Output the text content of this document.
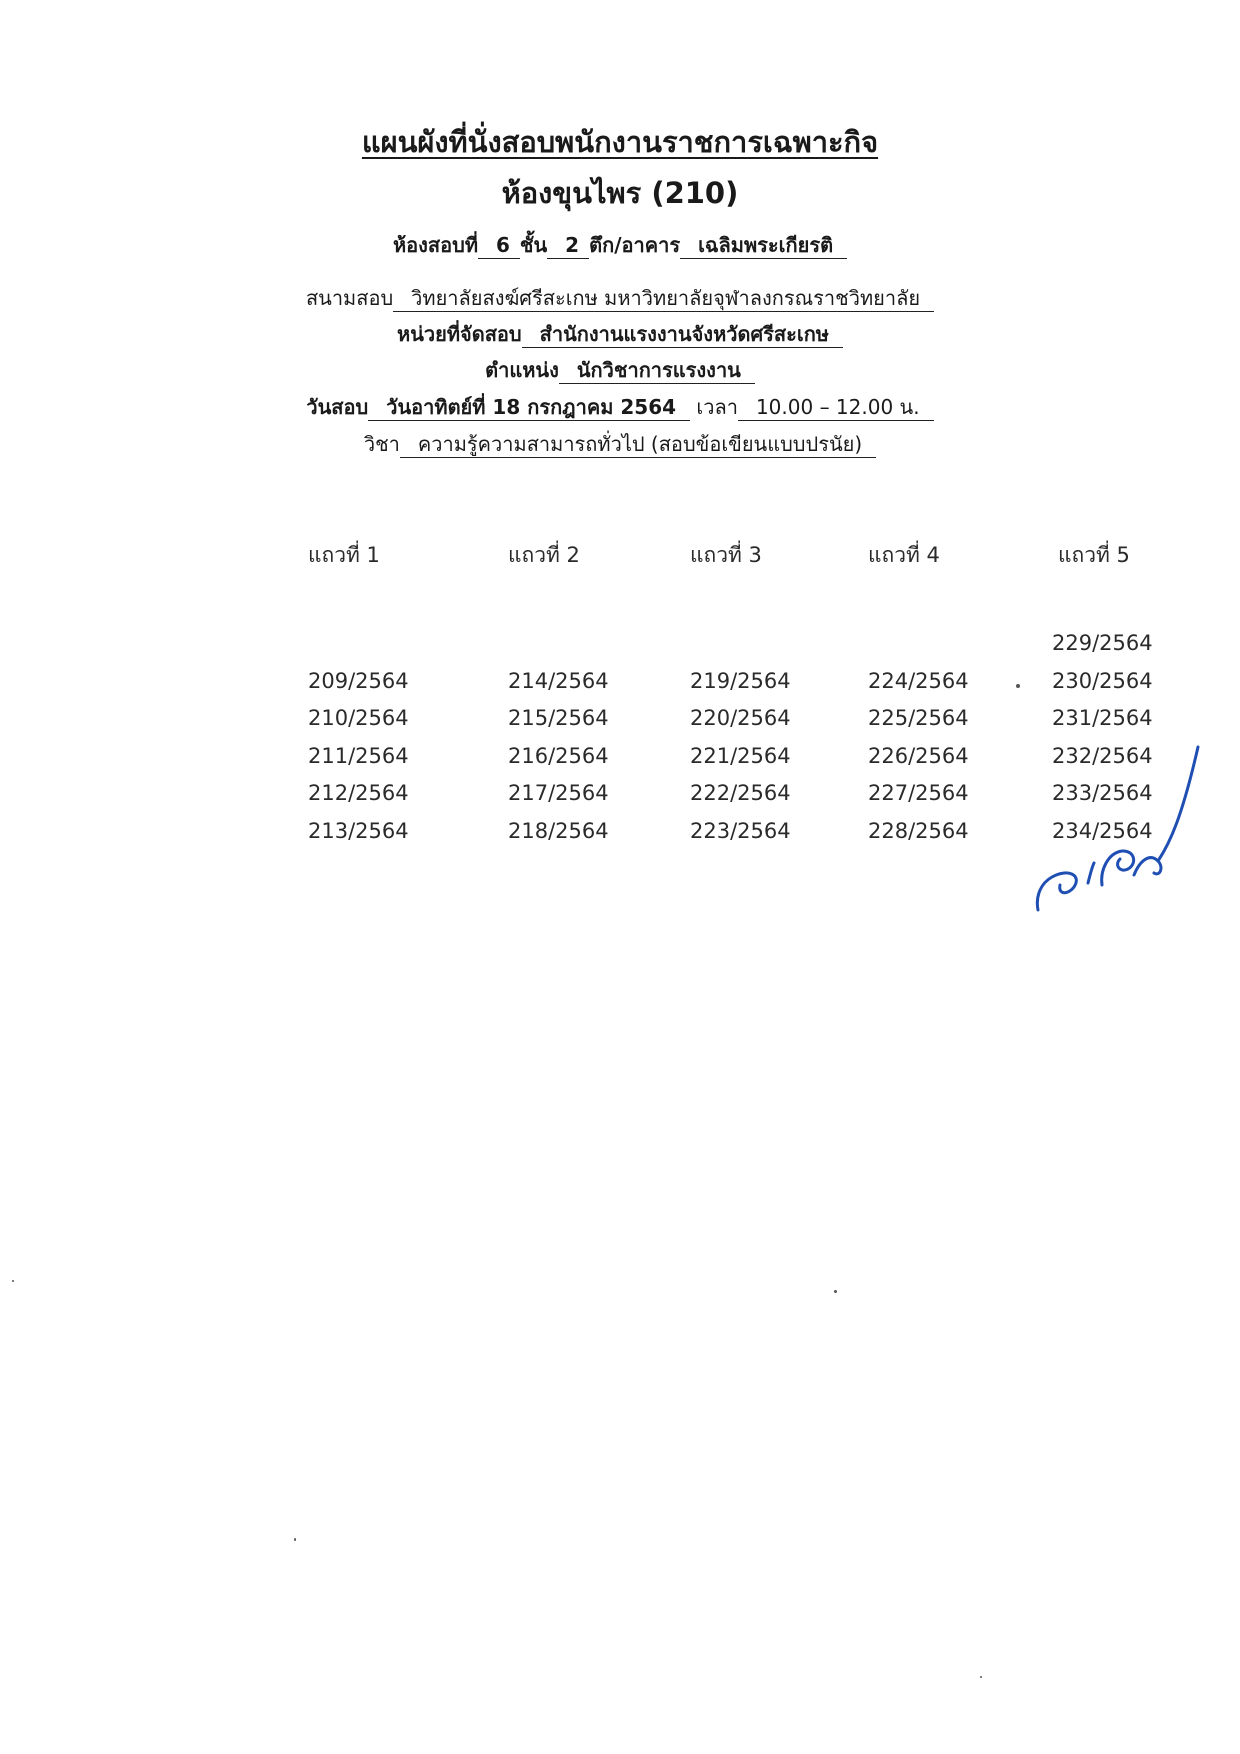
แผนผังที่นั่งสอบพนักงานราชการเฉพาะกิจ
ห้องขุนไพร (210)
ห้องสอบที่ 6 ชั้น 2 ตึก/อาคาร เฉลิมพระเกียรติ
สนามสอบ วิทยาลัยสงฆ์ศรีสะเกษ มหาวิทยาลัยจุฬาลงกรณราชวิทยาลัย
หน่วยที่จัดสอบ สำนักงานแรงงานจังหวัดศรีสะเกษ
ตำแหน่ง นักวิชาการแรงงาน
วันสอบ วันอาทิตย์ที่ 18 กรกฎาคม 2564 เวลา 10.00 – 12.00 น.
วิชา ความรู้ความสามารถทั่วไป (สอบข้อเขียนแบบปรนัย)
แถวที่ 1
209/2564
210/2564
211/2564
212/2564
213/2564
แถวที่ 2
214/2564
215/2564
216/2564
217/2564
218/2564
แถวที่ 3
219/2564
220/2564
221/2564
222/2564
223/2564
แถวที่ 4
224/2564
225/2564
226/2564
227/2564
228/2564
แถวที่ 5
229/2564
230/2564
231/2564
232/2564
233/2564
234/2564
